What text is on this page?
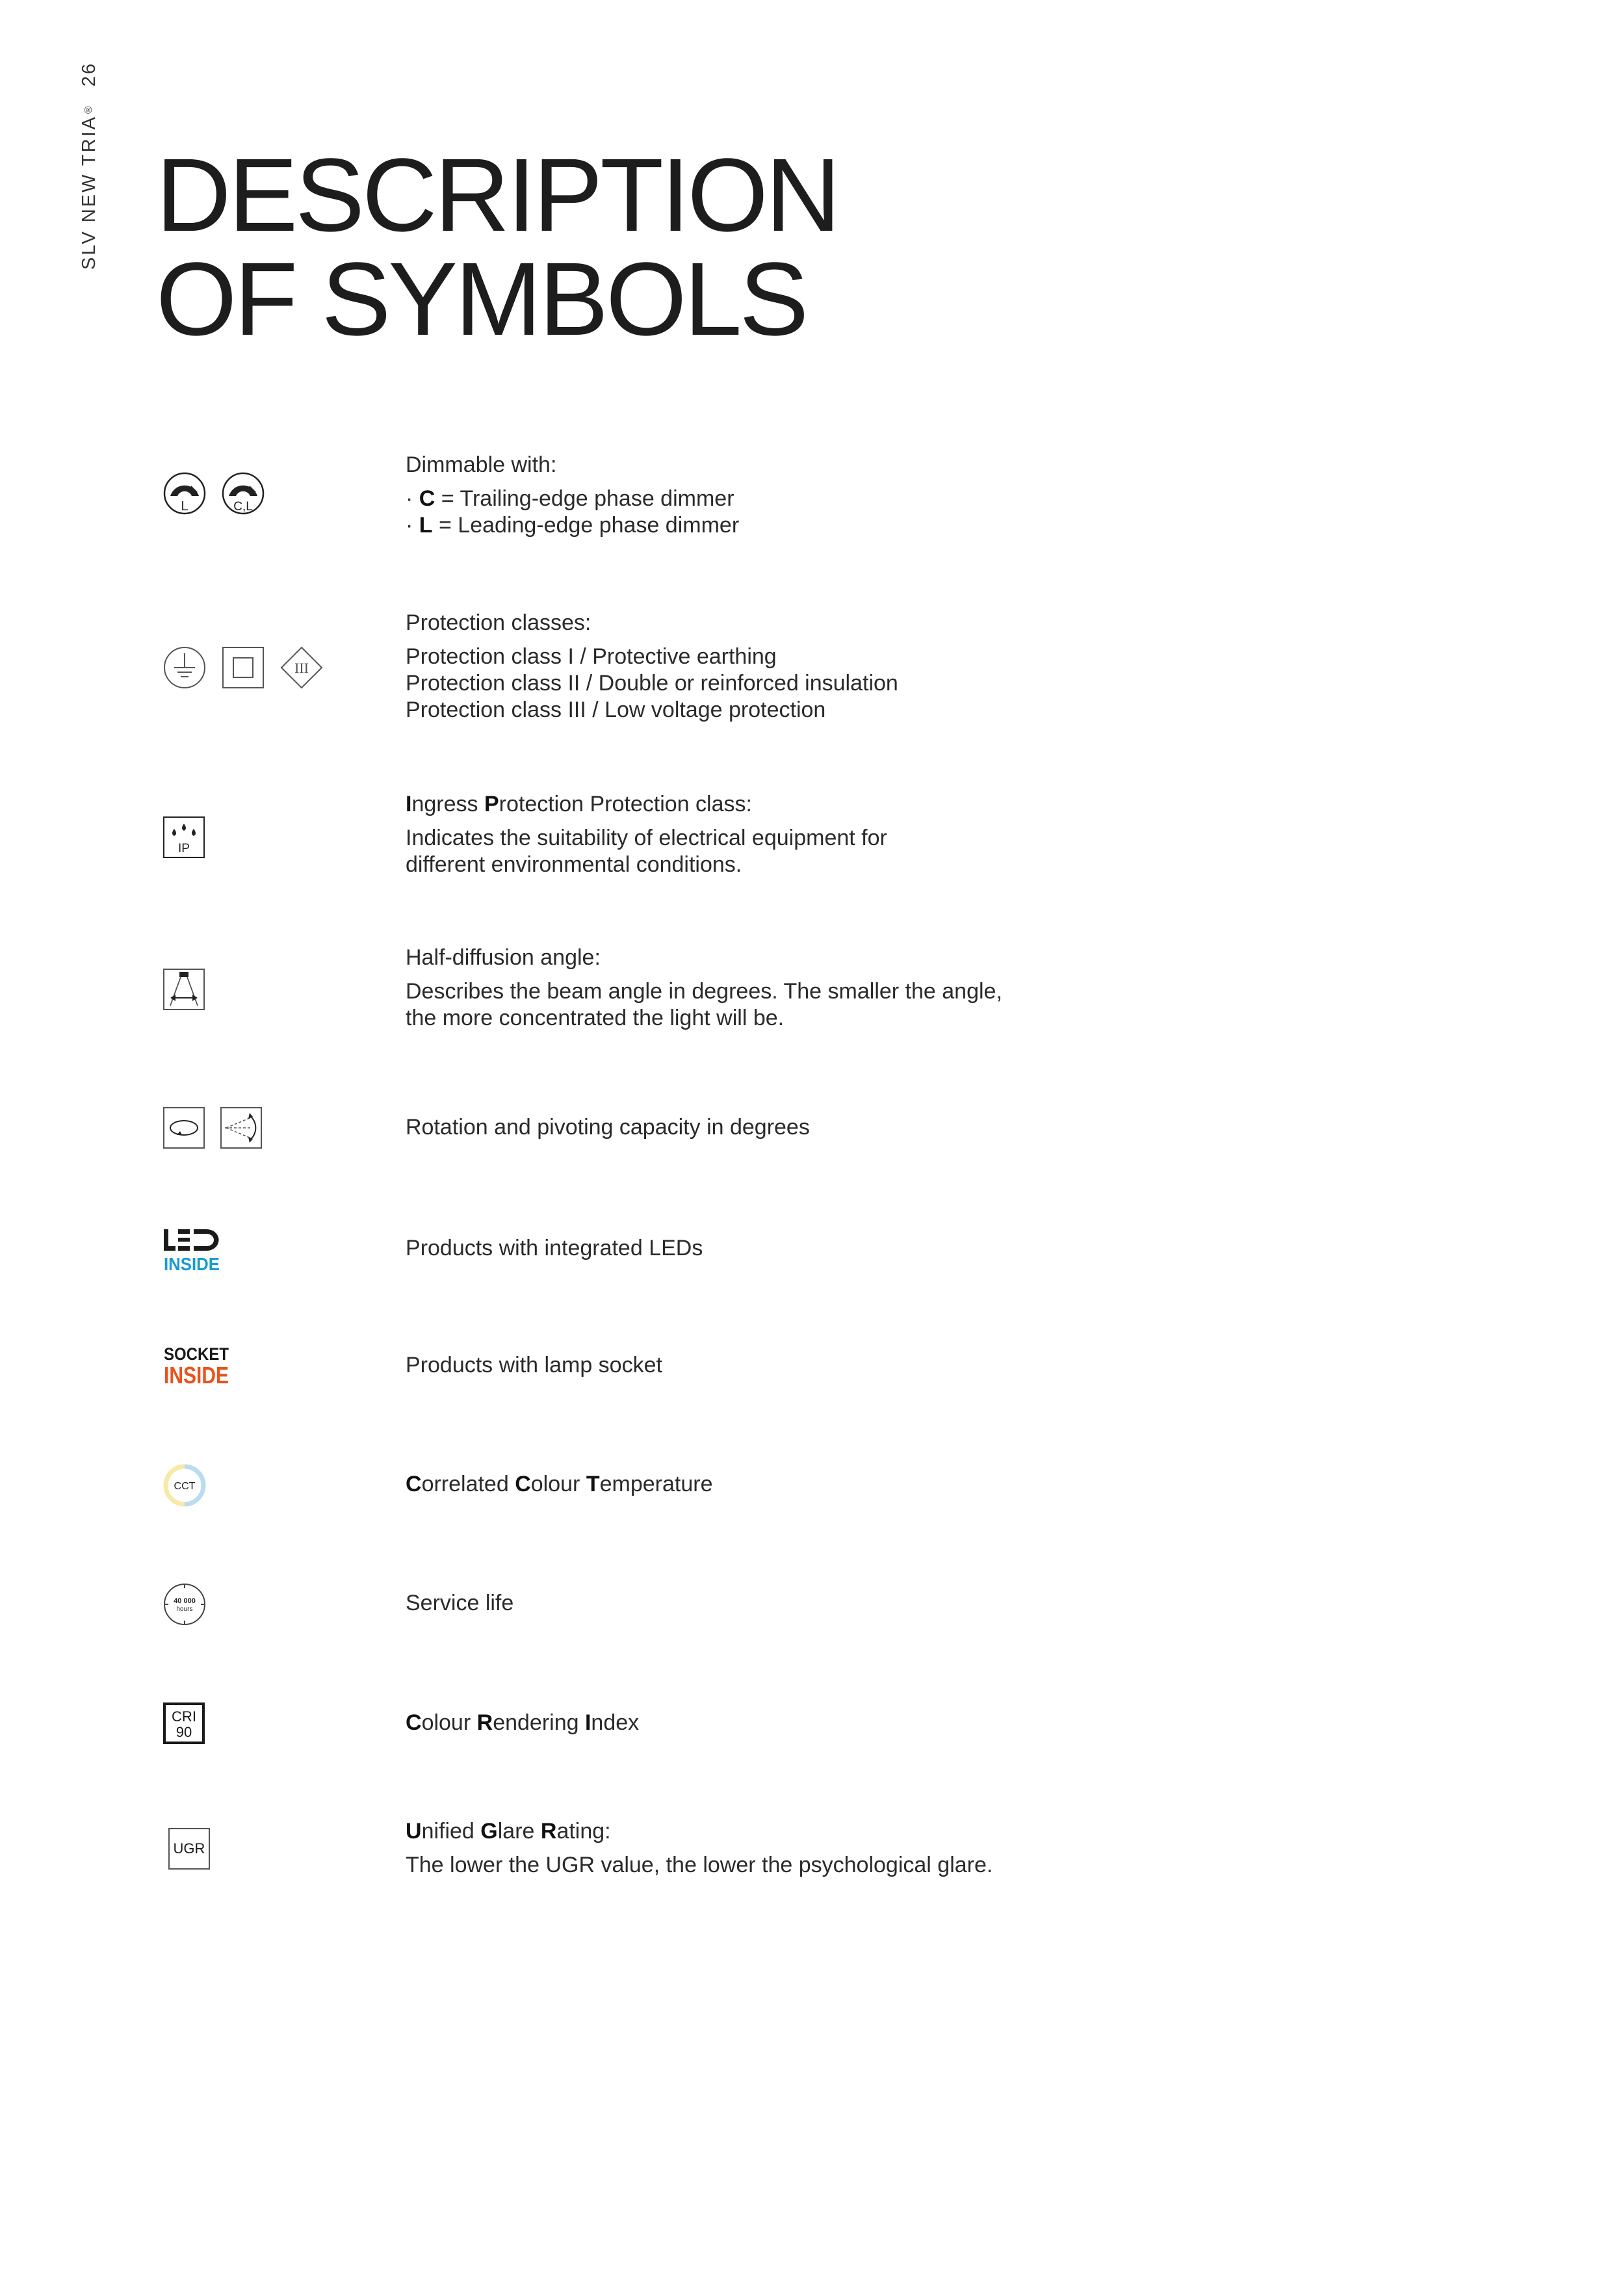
SLV NEW TRIA
®
26
DESCRIPTION
OF SYMBOLS
L	C,L

Dimmable with:

· C = Trailing-edge phase dimmer

· L = Leading-edge phase dimmer

III

Protection classes:

Protection class I / Protective earthing

Protection class II / Double or reinforced insulation

Protection class III / Low voltage protection

IP

Ingress Protection Protection class:

Indicates the suitability of electrical equipment for

different environmental conditions.

Half-diffusion angle:

Describes the beam angle in degrees. The smaller the angle,

the more concentrated the light will be.

Rotation and pivoting capacity in degrees
INSIDE
Products with integrated LEDs
SOCKET
INSIDE	Products with lamp socket
CCT	Correlated Colour Temperature
40 000
hours	Service life
CRI
90	Colour Rendering Index
UGR

Unified Glare Rating:

The lower the UGR value, the lower the psychological glare.
